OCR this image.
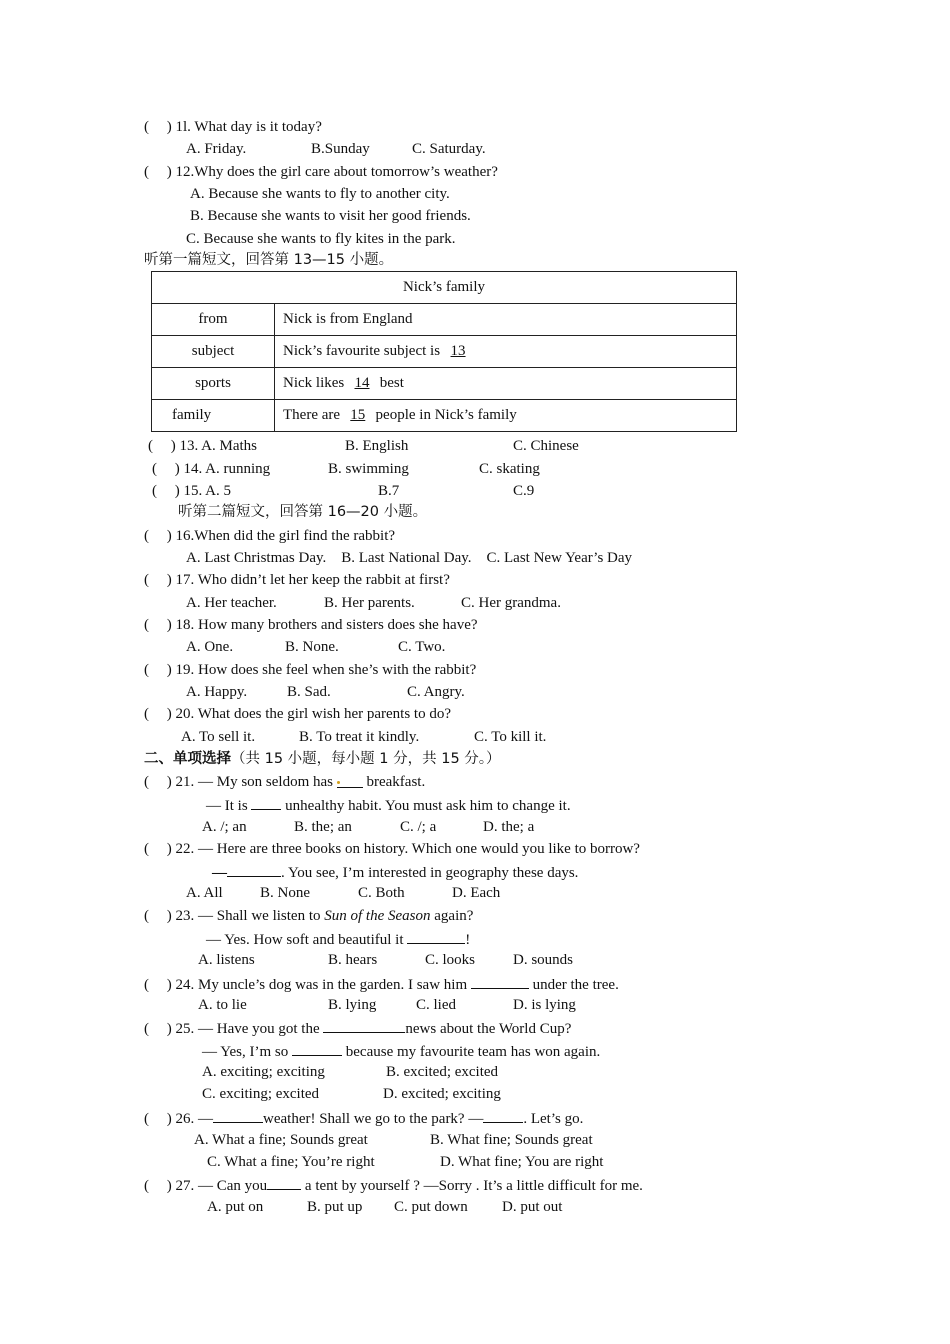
( ) 1l. What day is it today?
A. Friday.	B.Sunday	C. Saturday.
( ) 12.Why does the girl care about tomorrow’s weather?
A. Because she wants to fly to another city.
B. Because she wants to visit her good friends.
C. Because she wants to fly kites in the park.
听第一篇短文，回答第 13—15 小题。
Nick’s family	
from	Nick is from England
subject	Nick’s favourite subject is 13
sports	Nick likes 14 best
family	There are 15 people in Nick’s family
( ) 13. A. Maths	B. English	C. Chinese
( ) 14. A. running	B. swimming	C. skating
( ) 15. A. 5	B.7	C.9
听第二篇短文，回答第 16—20 小题。
( ) 16.When did the girl find the rabbit?
A. Last Christmas Day.    B. Last National Day.    C. Last New Year’s Day
( ) 17. Who didn’t let her keep the rabbit at first?
A. Her teacher.	B. Her parents.	C. Her grandma.
( ) 18. How many brothers and sisters does she have?
A. One.	B. None.	C. Two.
( ) 19. How does she feel when she’s with the rabbit?
A. Happy.	B. Sad.	C. Angry.
( ) 20. What does the girl wish her parents to do?
A. To sell it.	B. To treat it kindly.	C. To kill it.
二、单项选择（共 15 小题，每小题 1 分，共 15 分。）
( ) 21. — My son seldom has  breakfast.
— It is  unhealthy habit. You must ask him to change it.
A. /; an	B. the; an	C. /; a	D. the; a
( ) 22. — Here are three books on history. Which one would you like to borrow?
—	. You see, I’m interested in geography these days.
A. All B. None	C. Both	D. Each
( ) 23. — Shall we listen to Sun of the Season again?
— Yes. How soft and beautiful it	!
A. listens	B. hears	C. looks	D. sounds
( ) 24. My uncle’s dog was in the garden. I saw him	under the tree.
A. to lie	B. lying	C. lied	D. is lying
( ) 25. — Have you got the	news about the World Cup?
— Yes, I’m so	because my favourite team has won again.
A. exciting; exciting	B. excited; excited
C. exciting; excited	D. excited; exciting
( ) 26. —	weather! Shall we go to the park? —	. Let’s go.
A. What a fine; Sounds great	B. What fine; Sounds great
C. What a fine; You’re right	D. What fine; You are right
( ) 27. — Can you a tent by yourself ? —Sorry . It’s a little difficult for me.
A. put on	B. put up C. put down D. put out
